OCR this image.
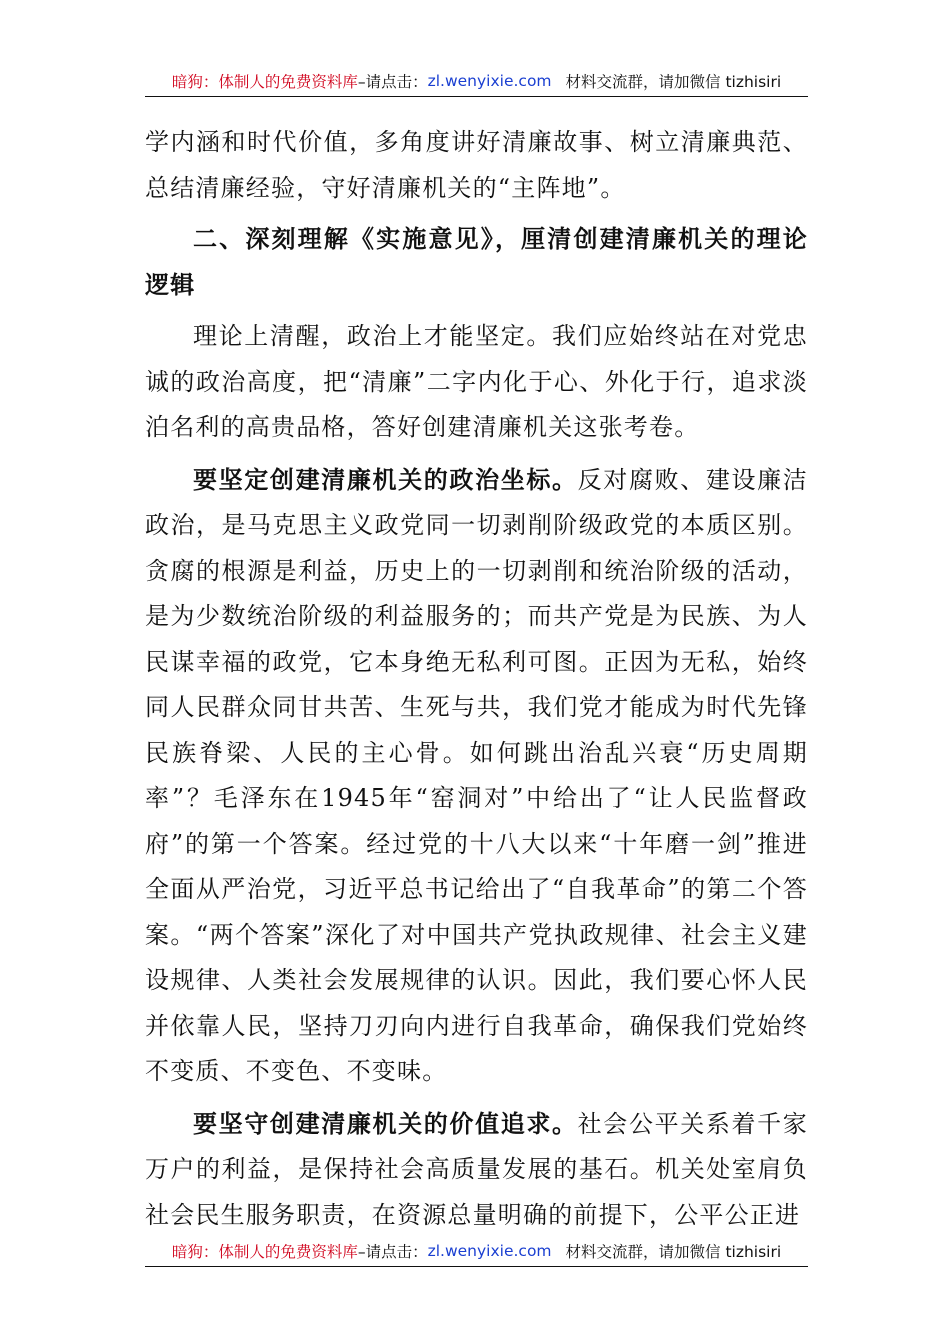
暗狗：体制人的免费资料库 –请点击： zl.wenyixie.com 材料交流群，请加微信 tizhisiri

学内涵和时代价值，多角度讲好清廉故事、树立清廉典范、总结清廉经验，守好清廉机关的“主阵地”。

二、深刻理解《实施意见》，厘清创建清廉机关的理论逻辑

理论上清醒，政治上才能坚定。我们应始终站在对党忠诚的政治高度，把“清廉”二字内化于心、外化于行，追求淡泊名利的高贵品格，答好创建清廉机关这张考卷。

要坚定创建清廉机关的政治坐标。反对腐败、建设廉洁政治，是马克思主义政党同一切剥削阶级政党的本质区别。贪腐的根源是利益，历史上的一切剥削和统治阶级的活动，是为少数统治阶级的利益服务的；而共产党是为民族、为人民谋幸福的政党，它本身绝无私利可图。正因为无私，始终同人民群众同甘共苦、生死与共，我们党才能成为时代先锋民族脊梁、人民的主心骨。如何跳出治乱兴衰“历史周期率”？毛泽东在1945年“窑洞对”中给出了“让人民监督政府”的第一个答案。经过党的十八大以来“十年磨一剑”推进全面从严治党，习近平总书记给出了“自我革命”的第二个答案。“两个答案”深化了对中国共产党执政规律、社会主义建设规律、人类社会发展规律的认识。因此，我们要心怀人民并依靠人民，坚持刀刃向内进行自我革命，确保我们党始终不变质、不变色、不变味。

要坚守创建清廉机关的价值追求。社会公平关系着千家万户的利益，是保持社会高质量发展的基石。机关处室肩负社会民生服务职责，在资源总量明确的前提下，公平公正进

暗狗：体制人的免费资料库 –请点击： zl.wenyixie.com 材料交流群，请加微信 tizhisiri
